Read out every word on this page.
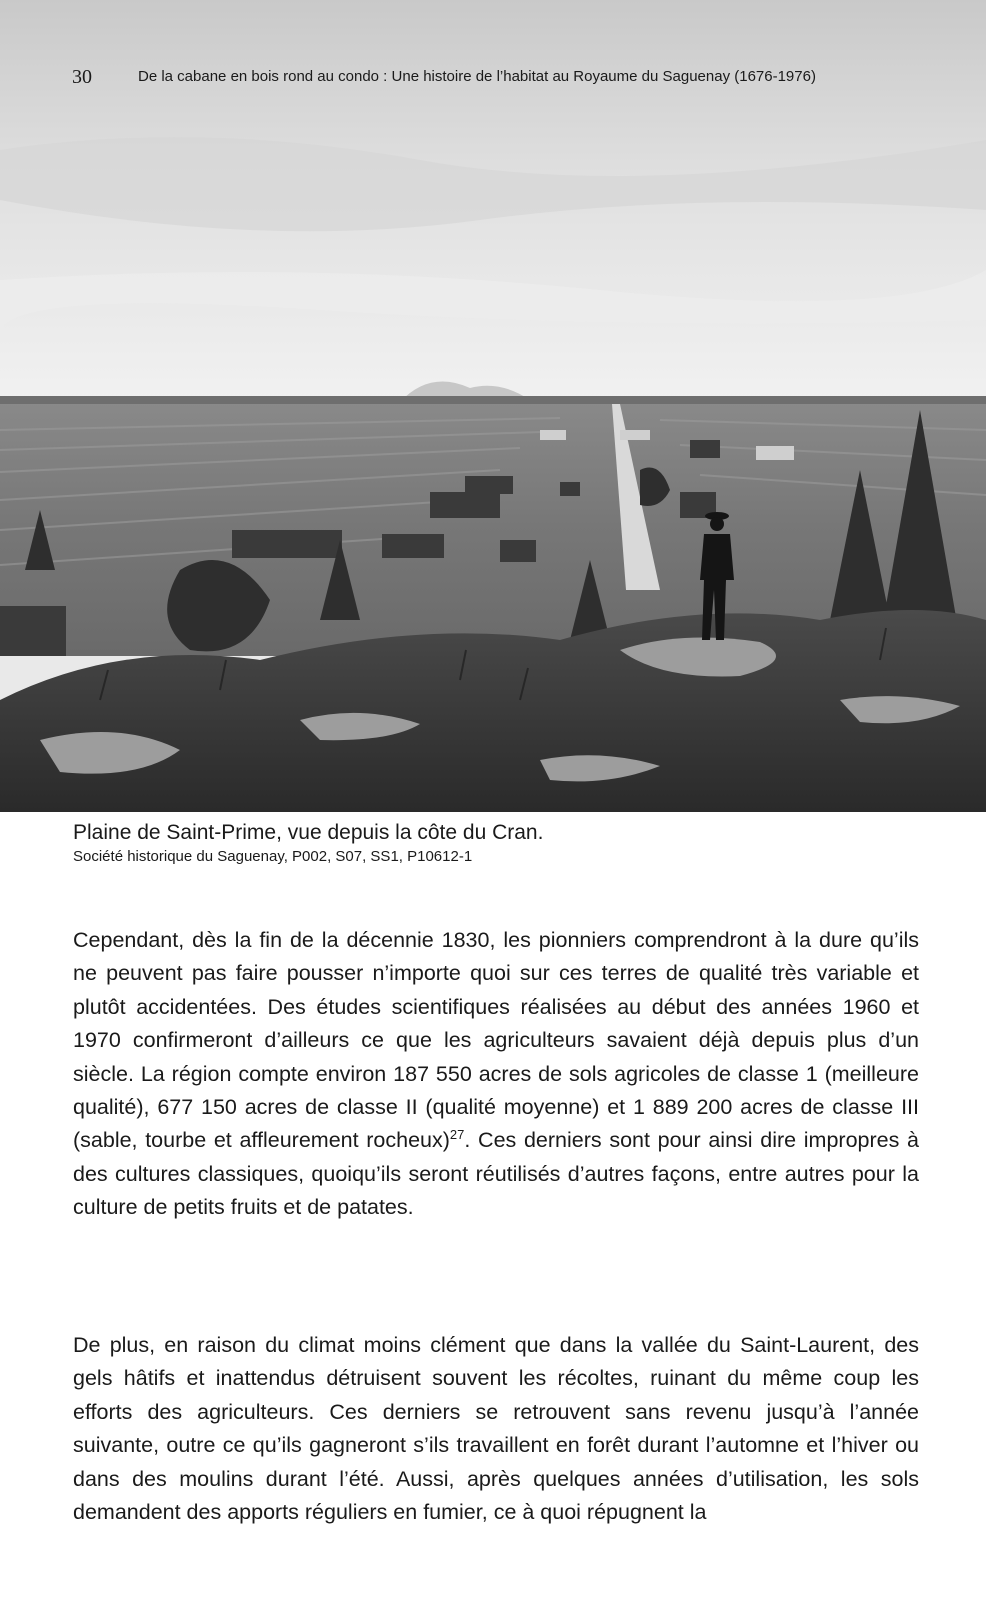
30	De la cabane en bois rond au condo : Une histoire de l’habitat au Royaume du Saguenay (1676-1976)
Plaine de Saint-Prime, vue depuis la côte du Cran.
Société historique du Saguenay, P002, S07, SS1, P10612-1

Cependant, dès la fin de la décennie 1830, les pionniers comprendront à la dure qu’ils ne peuvent pas faire pousser n’importe quoi sur ces terres de qualité très variable et plutôt accidentées. Des études scientifiques réalisées au début des années 1960 et 1970 confirmeront d’ailleurs ce que les agriculteurs savaient déjà depuis plus d’un siècle. La région compte environ 187 550 acres de sols agricoles de classe 1 (meilleure qualité), 677 150 acres de classe II (qualité moyenne) et 1 889 200 acres de classe III (sable, tourbe et affleurement rocheux)$^{27}$. Ces derniers sont pour ainsi dire impropres à des cultures classiques, quoiqu’ils seront réutilisés d’autres façons, entre autres pour la culture de petits fruits et de patates.

De plus, en raison du climat moins clément que dans la vallée du Saint-Laurent, des gels hâtifs et inattendus détruisent souvent les récoltes, ruinant du même coup les efforts des agriculteurs. Ces derniers se retrouvent sans revenu jusqu’à l’année suivante, outre ce qu’ils gagneront s’ils travaillent en forêt durant l’automne et l’hiver ou dans des moulins durant l’été. Aussi, après quelques années d’utilisation, les sols demandent des apports réguliers en fumier, ce à quoi répugnent la
